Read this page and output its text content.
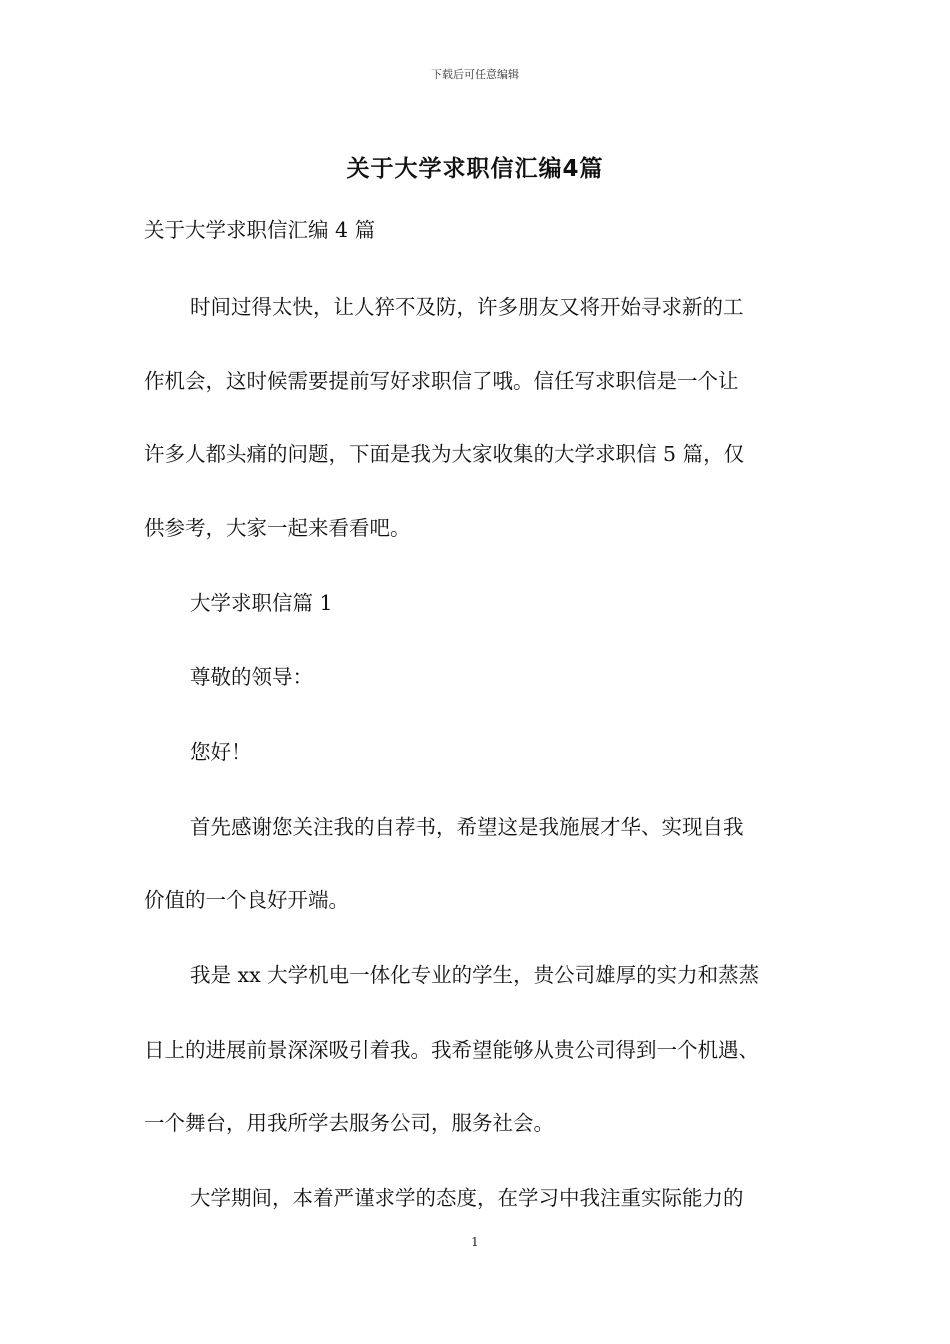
下载后可任意编辑
关于大学求职信汇编4篇
关于大学求职信汇编 4 篇
时间过得太快，让人猝不及防，许多朋友又将开始寻求新的工
作机会，这时候需要提前写好求职信了哦。信任写求职信是一个让
许多人都头痛的问题，下面是我为大家收集的大学求职信 5 篇，仅
供参考，大家一起来看看吧。
大学求职信篇 1
尊敬的领导：
您好！
首先感谢您关注我的自荐书，希望这是我施展才华、实现自我
价值的一个良好开端。
我是 xx 大学机电一体化专业的学生，贵公司雄厚的实力和蒸蒸
日上的进展前景深深吸引着我。我希望能够从贵公司得到一个机遇、
一个舞台，用我所学去服务公司，服务社会。
大学期间，本着严谨求学的态度，在学习中我注重实际能力的
1
